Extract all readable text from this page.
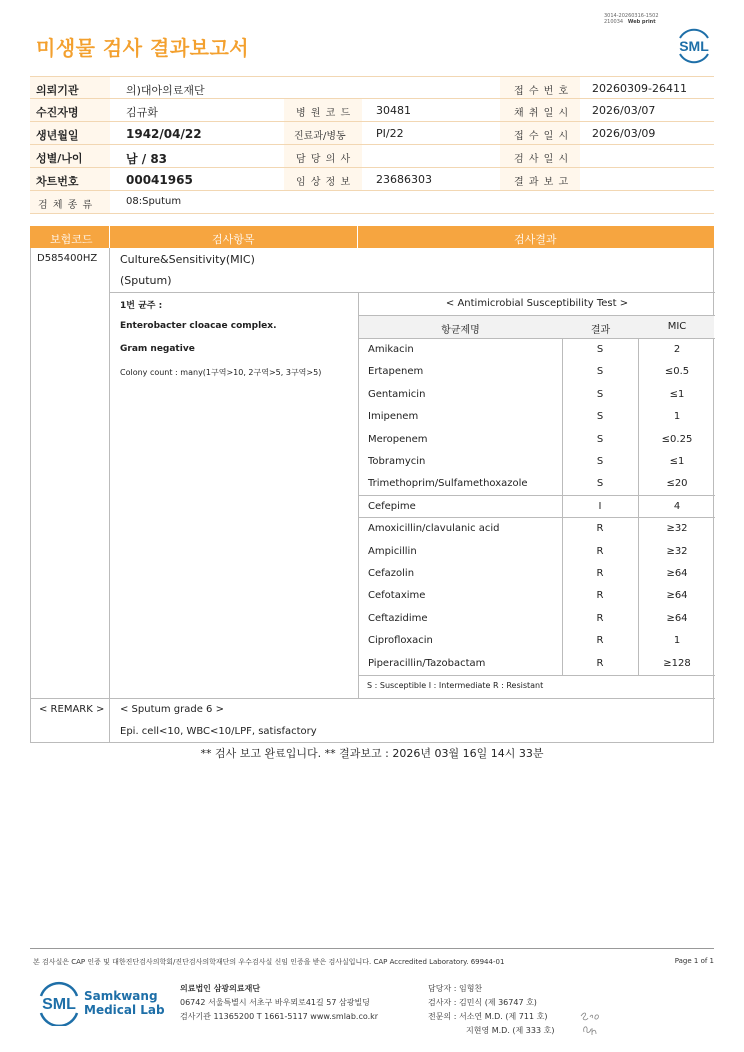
3014-20260316-1502
210034 Web print
미생물 검사 결과보고서	SML
의뢰기관	의)대아의료재단	접 수 번 호 20260309-26411
수진자명	김규화	병 원 코 드 30481	채 취 일 시 2026/03/07
생년월일	1942/04/22	진료과/병동	PI/22	접 수 일 시 2026/03/09
성별/나이	남 / 83	담 당 의 사	검 사 일 시
차트번호	00041965	임 상 정 보 23686303	결 과 보 고
검 체 종 류	08:Sputum
보험코드	검사항목	검사결과
D585400HZ Culture&Sensitivity(MIC)
(Sputum)
1번 균주 :
Enterobacter cloacae complex.
Gram negative
Colony count : many(1구역>10, 2구역>5, 3구역>5)
< Antimicrobial Susceptibility Test >
항균제명	결과	MIC
Amikacin	S	2
Ertapenem	S	≤0.5
Gentamicin	S	≤1
Imipenem	S	1
Meropenem	S	≤0.25
Tobramycin	S	≤1
Trimethoprim/Sulfamethoxazole	S	≤20
Cefepime	I	4
Amoxicillin/clavulanic acid	R	≥32
Ampicillin	R	≥32
Cefazolin	R	≥64
Cefotaxime	R	≥64
Ceftazidime	R	≥64
Ciprofloxacin	R	1
Piperacillin/Tazobactam	R	≥128
S : Susceptible I : Intermediate R : Resistant
< REMARK > < Sputum grade 6 >
Epi. cell<10, WBC<10/LPF, satisfactory
** 검사 보고 완료입니다. ** 결과보고 : 2026년 03월 16일 14시 33분
본 검사실은 CAP 인증 및 대한진단검사의학회/진단검사의학재단의 우수검사실 신임 인증을 받은 검사실입니다. CAP Accredited Laboratory. 69944-01	Page 1 of 1
SML Samkwang
Medical Lab
의료법인 삼광의료재단
06742 서울특별시 서초구 바우뫼로41길 57 삼광빌딩
검사기관 11365200 T 1661-5117 www.smlab.co.kr
담당자 : 임형찬
검사자 : 김민식 (제 36747 호)
전문의 : 서소연 M.D. (제 711 호)
지현영 M.D. (제 333 호)
